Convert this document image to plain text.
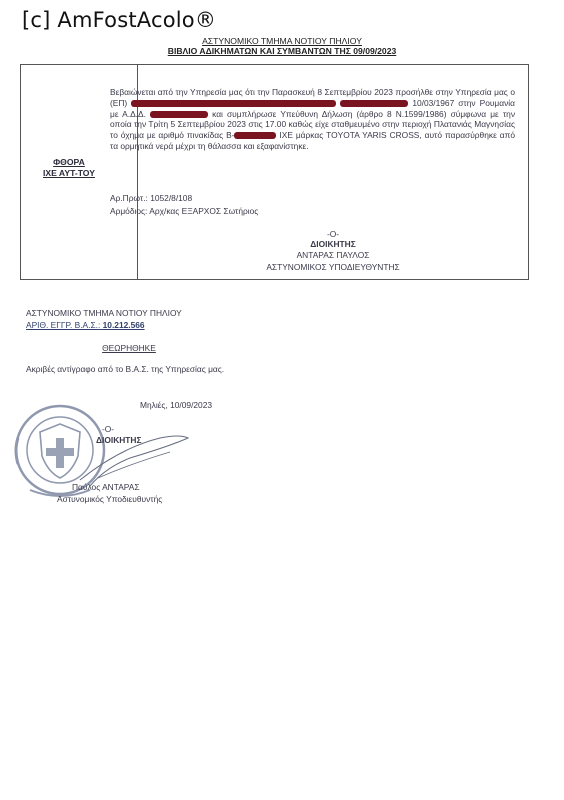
[c] AmFostAcolo®
ΑΣΤΥΝΟΜΙΚΟ ΤΜΗΜΑ ΝΟΤΙΟΥ ΠΗΛΙΟΥ
ΒΙΒΛΙΟ ΑΔΙΚΗΜΑΤΩΝ ΚΑΙ ΣΥΜΒΑΝΤΩΝ ΤΗΣ 09/09/2023
ΦΘΟΡΑ
ΙΧΕ ΑΥΤ-ΤΟΥ
Βεβαιώνεται από την Υπηρεσία μας ότι την Παρασκευή 8 Σεπτεμβρίου 2023 προσήλθε στην Υπηρεσία μας ο (ΕΠ)	10/03/1967 στην Ρουμανία με Α.Δ.Δ.	και συμπλήρωσε Υπεύθυνη Δήλωση (άρθρο 8 Ν.1599/1986) σύμφωνα με την οποία την Τρίτη 5 Σεπτεμβρίου 2023 στις 17.00 καθώς είχε σταθμευμένο στην περιοχή Πλατανιάς Μαγνησίας το όχημα με αριθμό πινακίδας Β-	ΙΧΕ μάρκας TOYOTA YARIS CROSS, αυτό παρασύρθηκε από τα ορμητικά νερά μέχρι τη θάλασσα και εξαφανίστηκε.
Αρ.Πρωτ.: 1052/8/108
Αρμόδιος: Αρχ/κας ΕΞΑΡΧΟΣ Σωτήριος
-Ο-
ΔΙΟΙΚΗΤΗΣ
ΑΝΤΑΡΑΣ ΠΑΥΛΟΣ
ΑΣΤΥΝΟΜΙΚΟΣ ΥΠΟΔΙΕΥΘΥΝΤΗΣ
ΑΣΤΥΝΟΜΙΚΟ ΤΜΗΜΑ ΝΟΤΙΟΥ ΠΗΛΙΟΥ
ΑΡΙΘ. ΕΓΓΡ. Β.Α.Σ.: 10.212.566
ΘΕΩΡΗΘΗΚΕ
Ακριβές αντίγραφο από το Β.Α.Σ. της Υπηρεσίας μας.
Μηλιές, 10/09/2023
-Ο-
ΔΙΟΙΚΗΤΗΣ
Παύλος ΑΝΤΑΡΑΣ
Αστυνομικός Υποδιευθυντής
